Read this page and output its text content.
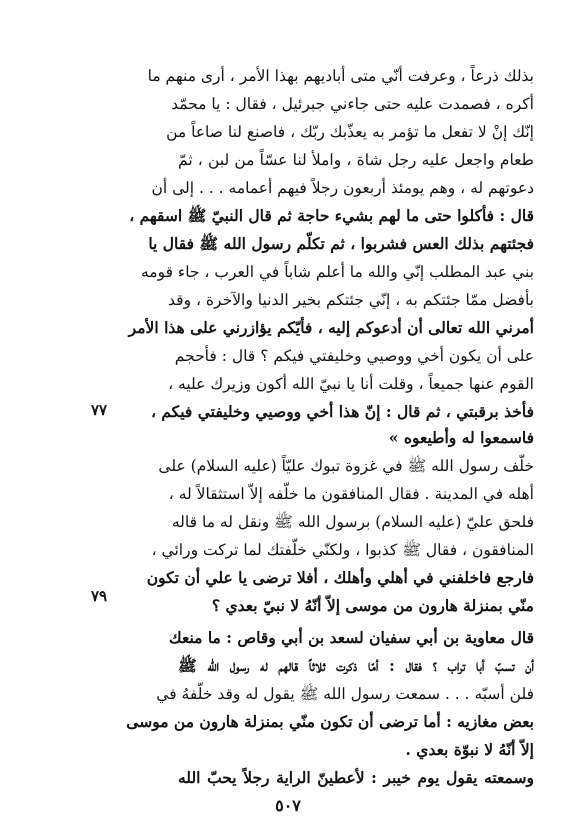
بذلك ذرعاً ، وعرفت أنّي متى أباديهم بهذا الأمر ، أرى منهم ما
أكره ، فصمدت عليه حتى جاءني جبرئيل ، فقال : يا محمّد
إنّك إنْ لا تفعل ما تؤمر به يعذّبك ربّك ، فاصنع لنا صاعاً من
طعام واجعل عليه رجل شاة ، واملأ لنا عسّاً من لبن ، ثمّ
دعوتهم له ، وهم يومئذ أربعون رجلاً فيهم أعمامه . . . إلى أن
قال : فأكلوا حتى ما لهم بشيء حاجة ثم قال النبيّ ﷺ اسقهم ،
فجئتهم بذلك العس فشربوا ، ثم تكلّم رسول الله ﷺ فقال يا
بني عبد المطلب إنّي والله ما أعلم شاباً في العرب ، جاء قومه
بأفضل ممّا جئتكم به ، إنّي جئتكم بخير الدنيا والآخرة ، وقد
أمرني الله تعالى أن أدعوكم إليه ، فأيّكم يؤازرني على هذا الأمر
على أن يكون أخي ووصيي وخليفتي فيكم ؟ قال : فأحجم
القوم عنها جميعاً ، وقلت أنا يا نبيّ الله أكون وزيرك عليه ،
فأخذ برقبتي ، ثم قال : إنّ هذا أخي ووصيي وخليفتي فيكم ،
فاسمعوا له وأطيعوه »
خلّف رسول الله ﷺ في غزوة تبوك عليّاً (عليه السلام) على
أهله في المدينة . فقال المنافقون ما خلّفه إلاّ استثقالاً له ،
فلحق عليّ (عليه السلام) برسول الله ﷺ ونقل له ما قاله
المنافقون ، فقال ﷺ كذبوا ، ولكنّي خلّفتك لما تركت ورائي ،
فارجع فاخلفني في أهلي وأهلك ، أفلا ترضى يا علي أن تكون
منّي بمنزلة هارون من موسى إلاّ أنّهُ لا نبيّ بعدي ؟
قال معاوية بن أبي سفيان لسعد بن أبي وقاص : ما منعك
أن تسبّ أبا تراب ؟ فقال : أمّا ذكرت ثلاثاً قالهم له رسول الله ﷺ
فلن أسبّه . . . سمعت رسول الله ﷺ يقول له وقد خلّفهُ في
بعض مغازيه : أما ترضى أن تكون منّي بمنزلة هارون من موسى
إلاّ أنّهُ لا نبوّة بعدي .
وسمعته يقول يوم خيبر : لأعطينّ الراية رجلاً يحبّ الله
٧٧
٧٩
٥٠٧
